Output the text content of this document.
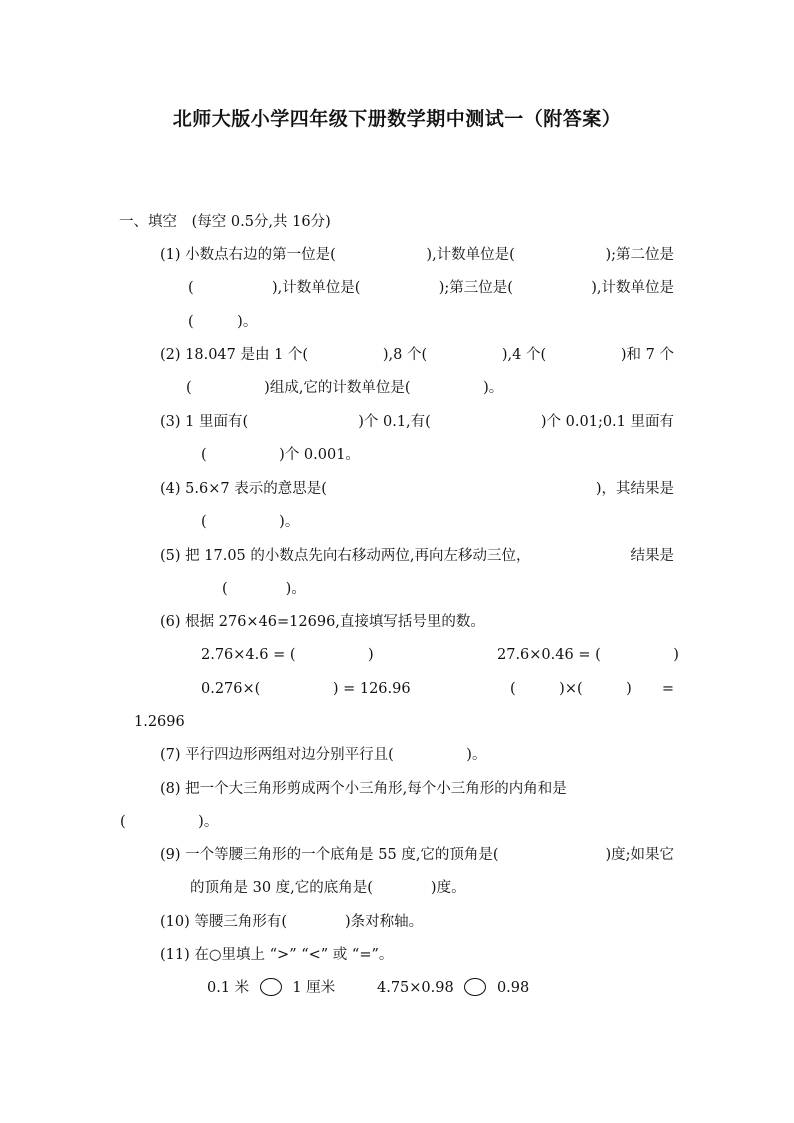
北师大版小学四年级下册数学期中测试一（附答案）
一、填空 (每空 0.5分,共 16分)
(1) 小数点右边的第一位是(	),计数单位是(	);第二位是
(	),计数单位是(	);第三位是(	),计数单位是
(　　　)。
(2) 18.047 是由 1 个(	),8 个(	),4 个(	)和 7 个
(　　　　　)组成,它的计数单位是(　　　　　)。
(3) 1 里面有(	)个 0.1,有(	)个 0.01;0.1 里面有
(　　　　　)个 0.001。
(4) 5.6×7 表示的意思是(	)，其结果是
(　　　　　)。
(5) 把 17.05 的小数点先向右移动两位,再向左移动三位，	结果是
(　　　　)。
(6) 根据 276×46=12696,直接填写括号里的数。
2.76×4.6 = (　　　　　)	27.6×0.46 = (　　　　　)
0.276×(　　　　　) = 126.96	(　　　)×(　　　) =
1.2696
(7) 平行四边形两组对边分别平行且(　　　　　)。
(8) 把一个大三角形剪成两个小三角形,每个小三角形的内角和是
(　　　　　)。
(9) 一个等腰三角形的一个底角是 55 度,它的顶角是(	)度;如果它
的顶角是 30 度,它的底角是(　　　　)度。
(10) 等腰三角形有(　　　　)条对称轴。
(11) 在○里填上 “>” “<” 或 “=”。
0.1 米	1 厘米	4.75×0.98	0.98
